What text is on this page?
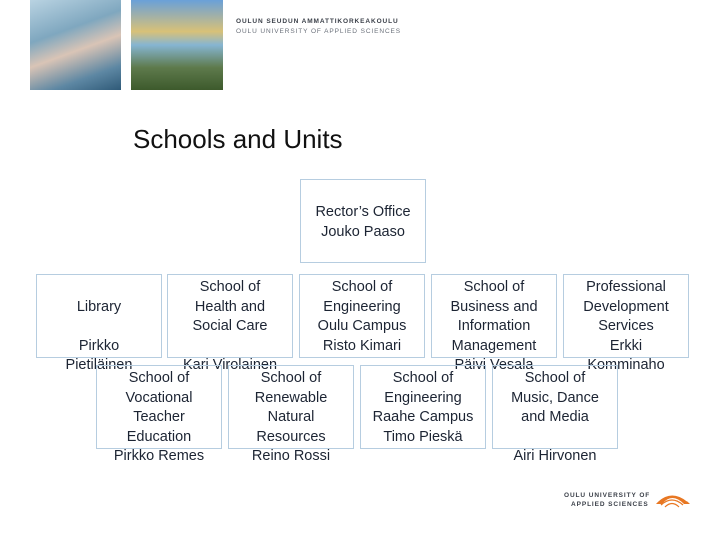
OULUN SEUDUN AMMATTIKORKEAKOULU
OULU UNIVERSITY OF APPLIED SCIENCES
Schools and Units
Rector’s Office
Jouko Paaso
Library
Pirkko
Pietiläinen
School of
Health and
Social Care
Kari Virolainen
School of
Engineering
Oulu Campus
Risto Kimari
School of
Business and
Information
Management
Päivi Vesala
Professional
Development
Services
Erkki
Komminaho
School of
Vocational
Teacher
Education
Pirkko Remes
School of
Renewable
Natural
Resources
Reino Rossi
School of
Engineering
Raahe Campus
Timo Pieskä
School of
Music, Dance
and Media
Airi Hirvonen
OULU UNIVERSITY OF
APPLIED SCIENCES
